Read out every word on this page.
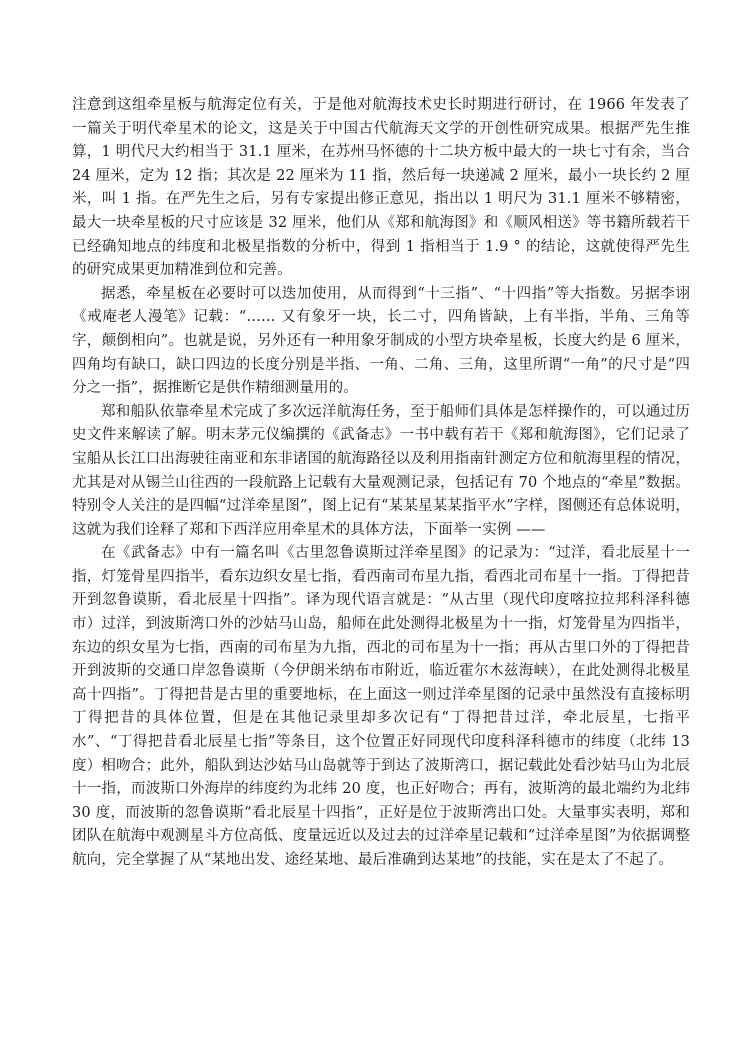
注意到这组牵星板与航海定位有关，于是他对航海技术史长时期进行研讨，在 1966 年发表了一篇关于明代牵星术的论文，这是关于中国古代航海天文学的开创性研究成果。根据严先生推算，1 明代尺大约相当于 31.1 厘米，在苏州马怀德的十二块方板中最大的一块七寸有余，当合 24 厘米，定为 12 指；其次是 22 厘米为 11 指，然后每一块递减 2 厘米，最小一块长约 2 厘米，叫 1 指。在严先生之后，另有专家提出修正意见，指出以 1 明尺为 31.1 厘米不够精密，最大一块牵星板的尺寸应该是 32 厘米，他们从《郑和航海图》和《顺风相送》等书籍所载若干已经确知地点的纬度和北极星指数的分析中，得到 1 指相当于 1.9 ° 的结论，这就使得严先生的研究成果更加精准到位和完善。

据悉，牵星板在必要时可以迭加使用，从而得到“十三指”、“十四指”等大指数。另据李诩《戒庵老人漫笔》记载：“…… 又有象牙一块，长二寸，四角皆缺，上有半指，半角、三角等字，颠倒相向”。也就是说，另外还有一种用象牙制成的小型方块牵星板，长度大约是 6 厘米，四角均有缺口，缺口四边的长度分别是半指、一角、二角、三角，这里所谓“一角”的尺寸是“四分之一指”，据推断它是供作精细测量用的。

郑和船队依靠牵星术完成了多次远洋航海任务，至于船师们具体是怎样操作的，可以通过历史文件来解读了解。明末茅元仪编撰的《武备志》一书中载有若干《郑和航海图》，它们记录了宝船从长江口出海驶往南亚和东非诸国的航海路径以及利用指南针测定方位和航海里程的情况，尤其是对从锡兰山往西的一段航路上记载有大量观测记录，包括记有 70 个地点的“牵星”数据。特别令人关注的是四幅“过洋牵星图”，图上记有“某某星某某指平水”字样，图侧还有总体说明，这就为我们诠释了郑和下西洋应用牵星术的具体方法，下面举一实例 ——

在《武备志》中有一篇名叫《古里忽鲁谟斯过洋牵星图》的记录为：“过洋，看北辰星十一指，灯笼骨星四指半，看东边织女星七指，看西南司布星九指，看西北司布星十一指。丁得把昔开到忽鲁谟斯，看北辰星十四指”。译为现代语言就是：“从古里（现代印度喀拉拉邦科泽科德市）过洋，到波斯湾口外的沙姑马山岛，船师在此处测得北极星为十一指，灯笼骨星为四指半，东边的织女星为七指，西南的司布星为九指，西北的司布星为十一指；再从古里口外的丁得把昔开到波斯的交通口岸忽鲁谟斯（今伊朗米纳布市附近，临近霍尔木兹海峡），在此处测得北极星高十四指”。丁得把昔是古里的重要地标，在上面这一则过洋牵星图的记录中虽然没有直接标明丁得把昔的具体位置，但是在其他记录里却多次记有“丁得把昔过洋，牵北辰星，七指平水”、“丁得把昔看北辰星七指”等条目，这个位置正好同现代印度科泽科德市的纬度（北纬 13 度）相吻合；此外，船队到达沙姑马山岛就等于到达了波斯湾口，据记载此处看沙姑马山为北辰十一指，而波斯口外海岸的纬度约为北纬 20 度，也正好吻合；再有，波斯湾的最北端约为北纬 30 度，而波斯的忽鲁谟斯“看北辰星十四指”，正好是位于波斯湾出口处。大量事实表明，郑和团队在航海中观测星斗方位高低、度量远近以及过去的过洋牵星记载和“过洋牵星图”为依据调整航向，完全掌握了从“某地出发、途经某地、最后准确到达某地”的技能，实在是太了不起了。
